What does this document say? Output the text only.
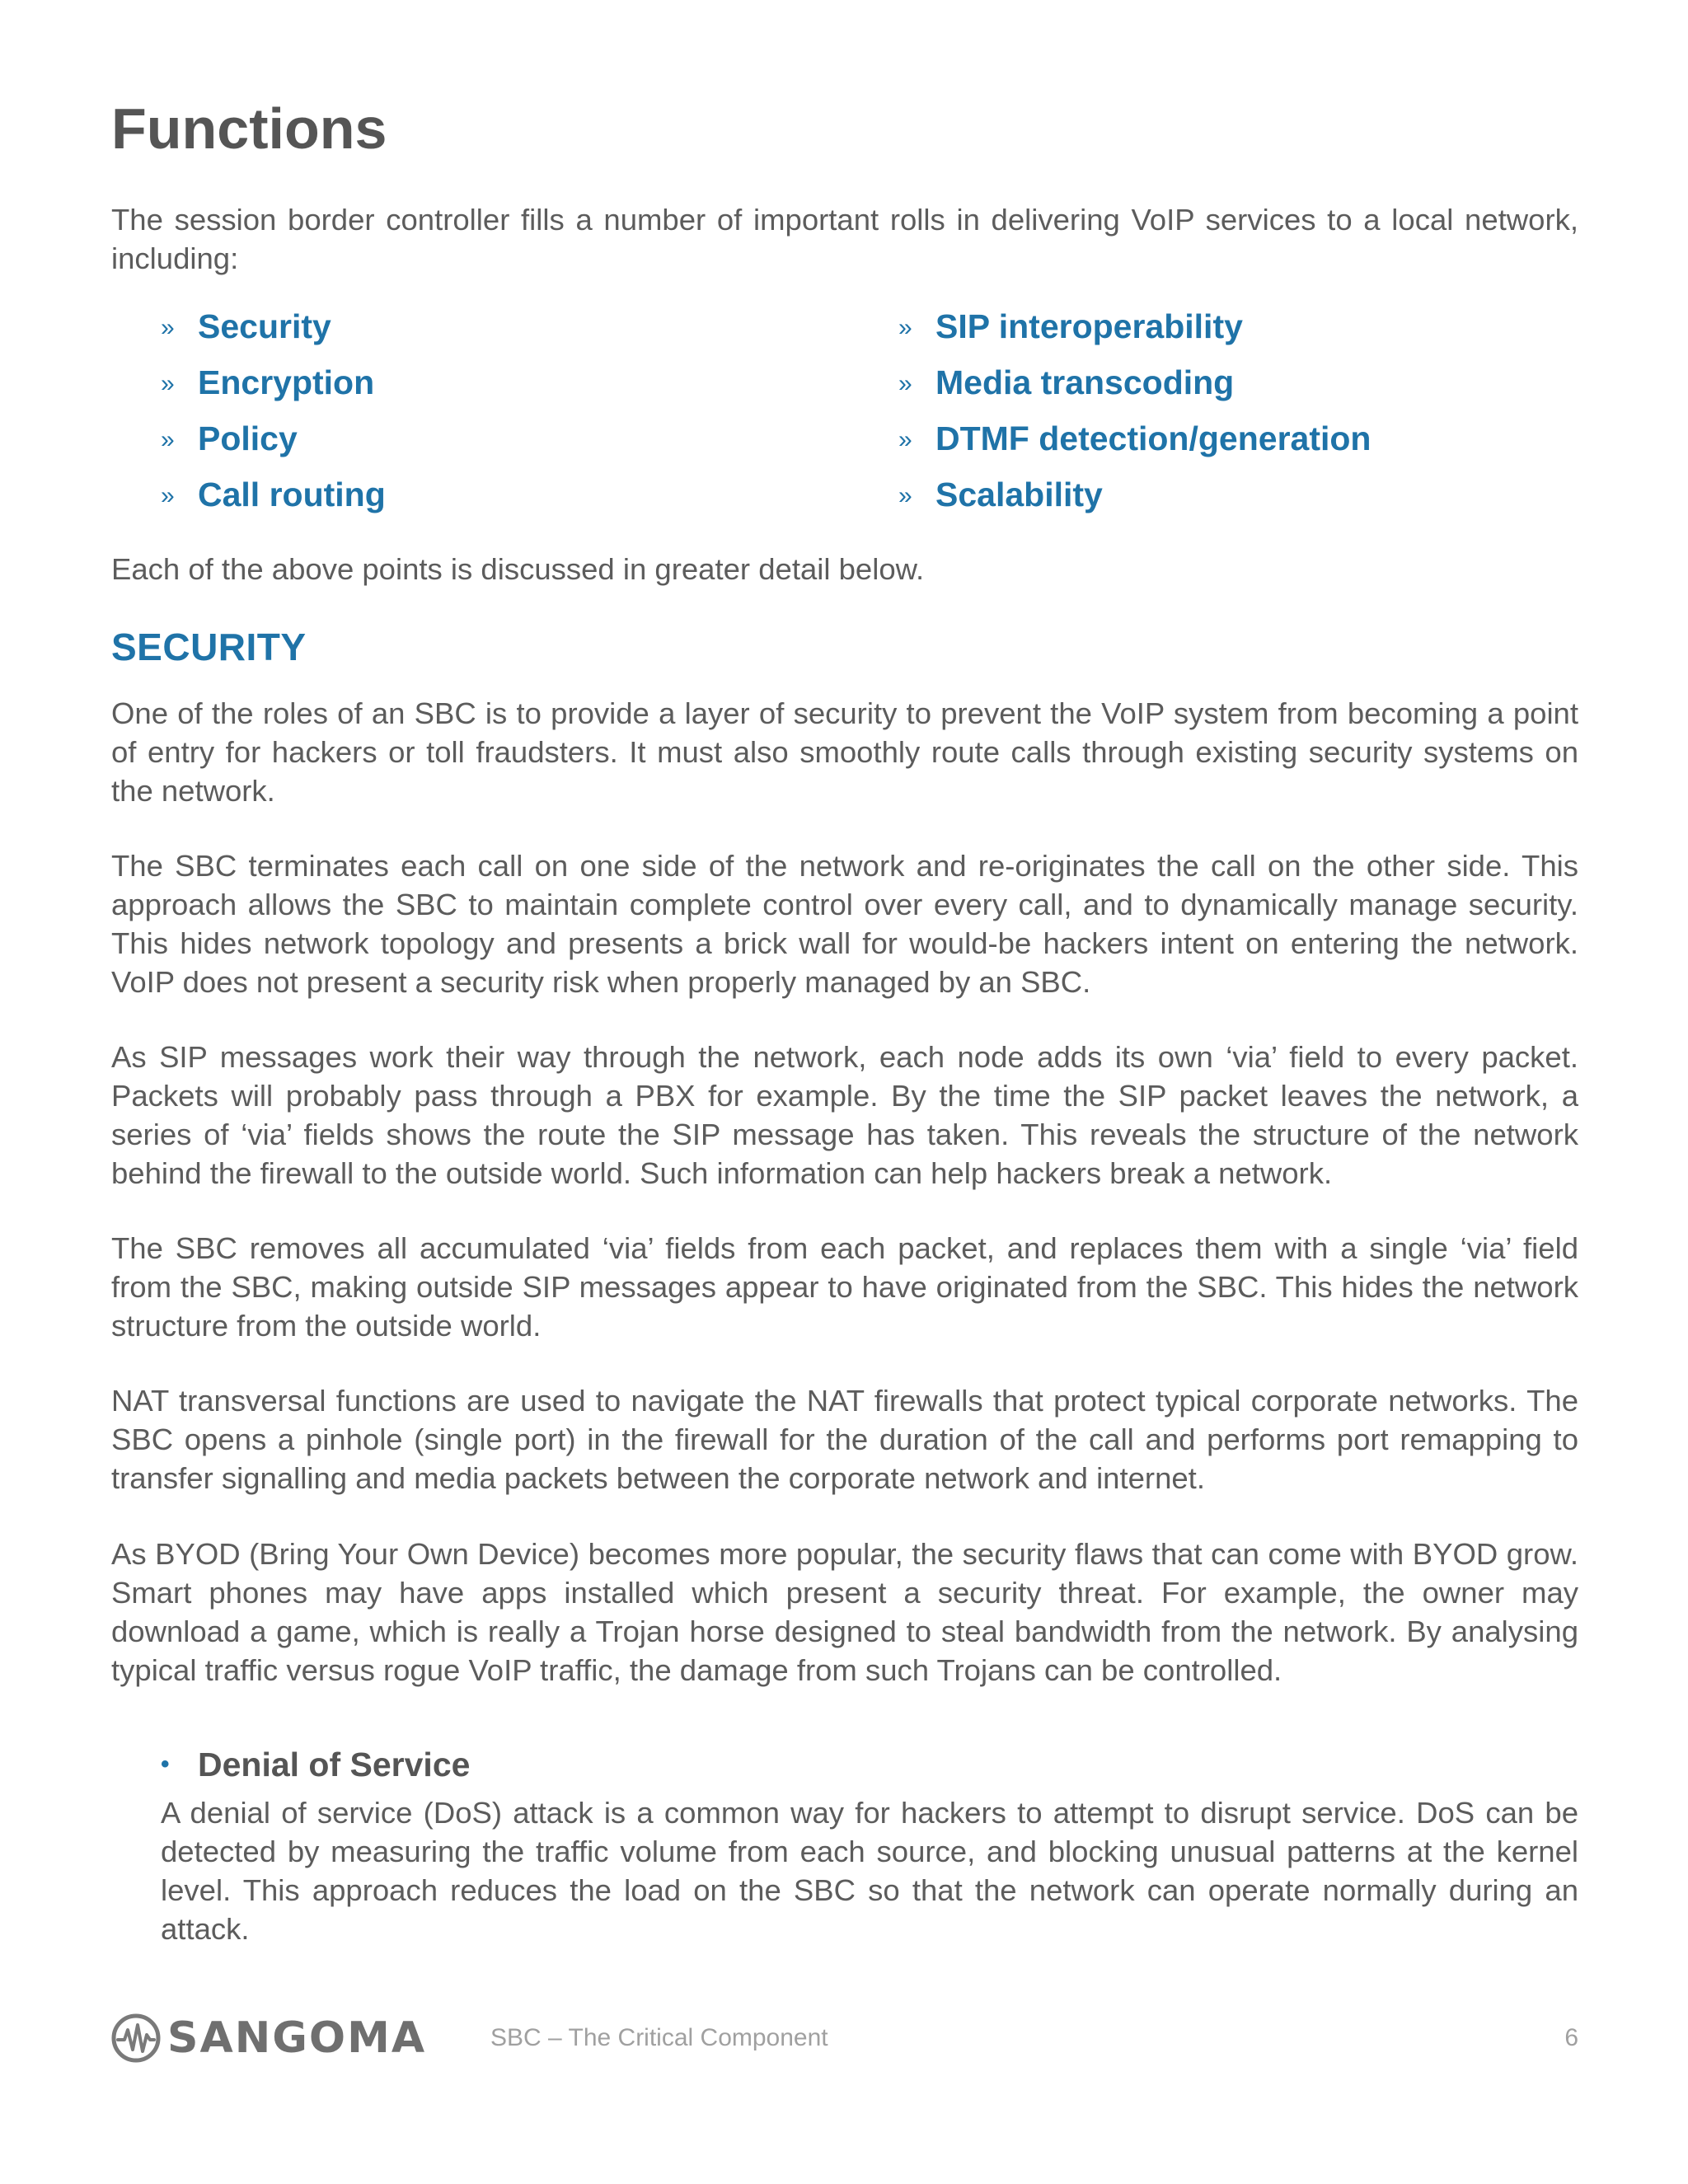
Functions

The session border controller fills a number of important rolls in delivering VoIP services to a local network, including:

» Security	» SIP interoperability
» Encryption	» Media transcoding
» Policy	» DTMF detection/generation
» Call routing	» Scalability

Each of the above points is discussed in greater detail below.

SECURITY

One of the roles of an SBC is to provide a layer of security to prevent the VoIP system from becoming a point of entry for hackers or toll fraudsters. It must also smoothly route calls through existing security systems on the network.

The SBC terminates each call on one side of the network and re-originates the call on the other side. This approach allows the SBC to maintain complete control over every call, and to dynamically manage security. This hides network topology and presents a brick wall for would-be hackers intent on entering the network. VoIP does not present a security risk when properly managed by an SBC.

As SIP messages work their way through the network, each node adds its own ‘via’ field to every packet. Packets will probably pass through a PBX for example. By the time the SIP packet leaves the network, a series of ‘via’ fields shows the route the SIP message has taken. This reveals the structure of the network behind the firewall to the outside world. Such information can help hackers break a network.

The SBC removes all accumulated ‘via’ fields from each packet, and replaces them with a single ‘via’ field from the SBC, making outside SIP messages appear to have originated from the SBC. This hides the network structure from the outside world.

NAT transversal functions are used to navigate the NAT firewalls that protect typical corporate networks. The SBC opens a pinhole (single port) in the firewall for the duration of the call and performs port remapping to transfer signalling and media packets between the corporate network and internet.

As BYOD (Bring Your Own Device) becomes more popular, the security flaws that can come with BYOD grow. Smart phones may have apps installed which present a security threat. For example, the owner may download a game, which is really a Trojan horse designed to steal bandwidth from the network. By analysing typical traffic versus rogue VoIP traffic, the damage from such Trojans can be controlled.

• Denial of Service

A denial of service (DoS) attack is a common way for hackers to attempt to disrupt service. DoS can be detected by measuring the traffic volume from each source, and blocking unusual patterns at the kernel level. This approach reduces the load on the SBC so that the network can operate normally during an attack.

SANGOMA	SBC – The Critical Component	6
